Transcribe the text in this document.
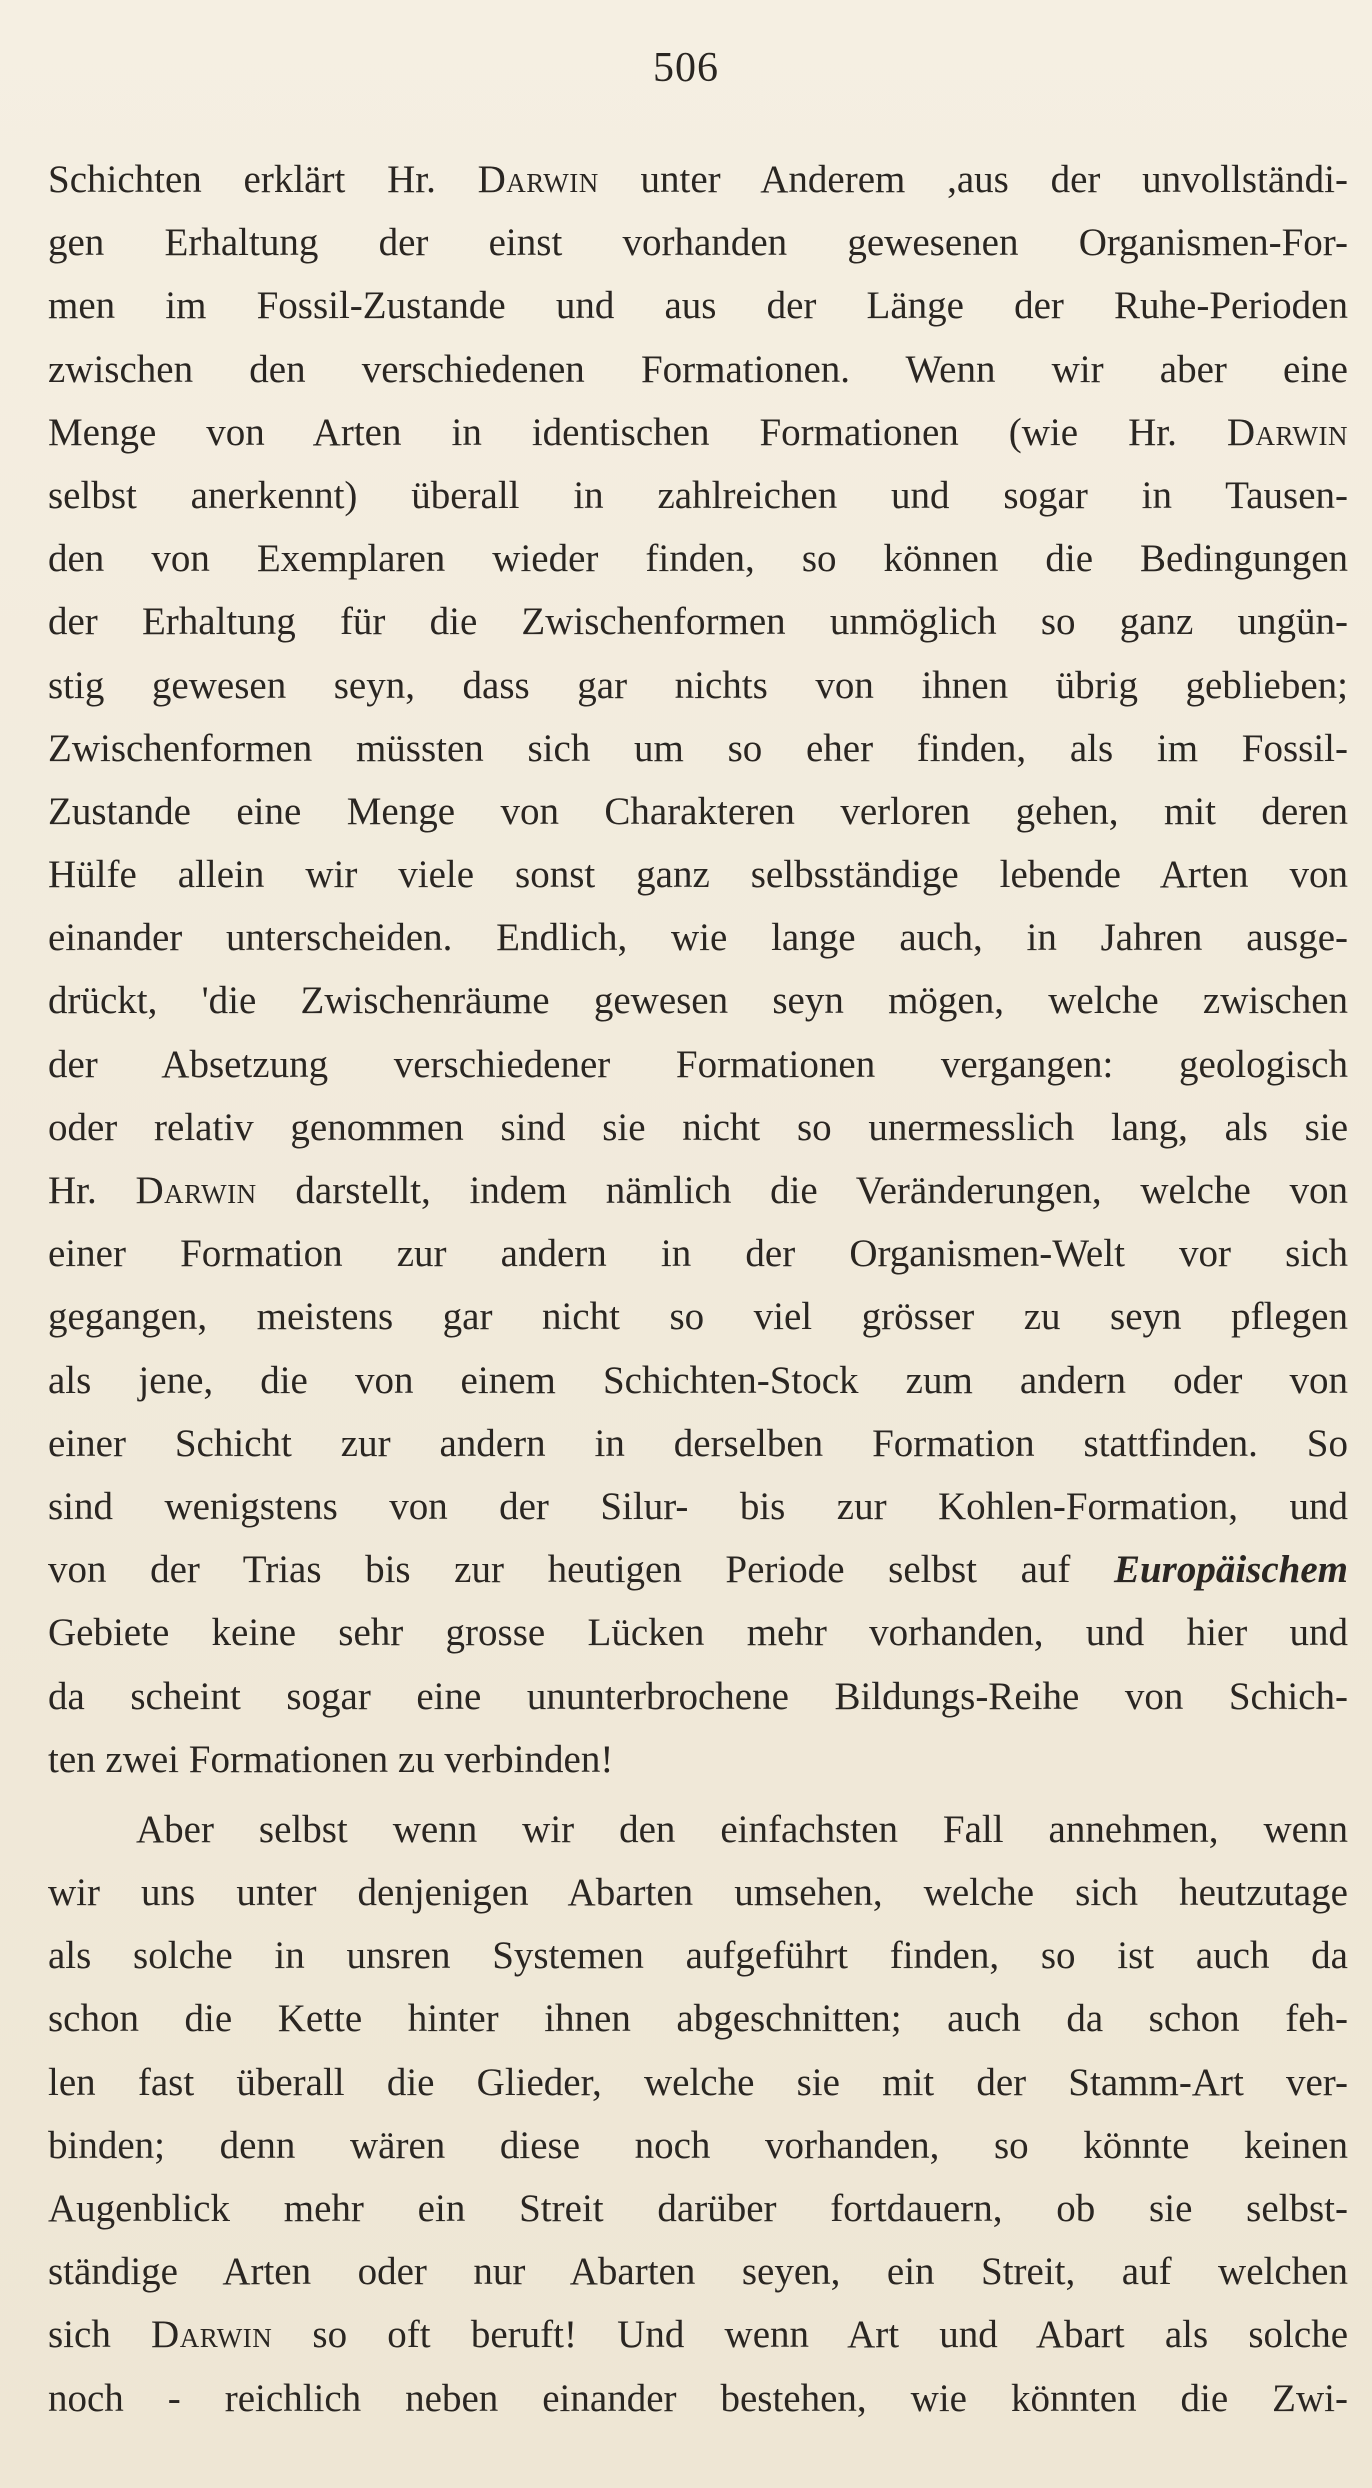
506
Schichten erklärt Hr. Darwin unter Anderem ,aus der unvollständi-
gen Erhaltung der einst vorhanden gewesenen Organismen-For-
men im Fossil-Zustande und aus der Länge der Ruhe-Perioden
zwischen den verschiedenen Formationen. Wenn wir aber eine
Menge von Arten in identischen Formationen (wie Hr. Darwin
selbst anerkennt) überall in zahlreichen und sogar in Tausen-
den von Exemplaren wieder finden, so können die Bedingungen
der Erhaltung für die Zwischenformen unmöglich so ganz ungün-
stig gewesen seyn, dass gar nichts von ihnen übrig geblieben;
Zwischenformen müssten sich um so eher finden, als im Fossil-
Zustande eine Menge von Charakteren verloren gehen, mit deren
Hülfe allein wir viele sonst ganz selbsständige lebende Arten von
einander unterscheiden. Endlich, wie lange auch, in Jahren ausge-
drückt, 'die Zwischenräume gewesen seyn mögen, welche zwischen
der Absetzung verschiedener Formationen vergangen: geologisch
oder relativ genommen sind sie nicht so unermesslich lang, als sie
Hr. Darwin darstellt, indem nämlich die Veränderungen, welche von
einer Formation zur andern in der Organismen-Welt vor sich
gegangen, meistens gar nicht so viel grösser zu seyn pflegen
als jene, die von einem Schichten-Stock zum andern oder von
einer Schicht zur andern in derselben Formation stattfinden. So
sind wenigstens von der Silur- bis zur Kohlen-Formation, und
von der Trias bis zur heutigen Periode selbst auf Europäischem
Gebiete keine sehr grosse Lücken mehr vorhanden, und hier und
da scheint sogar eine ununterbrochene Bildungs-Reihe von Schich-
ten zwei Formationen zu verbinden!
Aber selbst wenn wir den einfachsten Fall annehmen, wenn
wir uns unter denjenigen Abarten umsehen, welche sich heutzutage
als solche in unsren Systemen aufgeführt finden, so ist auch da
schon die Kette hinter ihnen abgeschnitten; auch da schon feh-
len fast überall die Glieder, welche sie mit der Stamm-Art ver-
binden; denn wären diese noch vorhanden, so könnte keinen
Augenblick mehr ein Streit darüber fortdauern, ob sie selbst-
ständige Arten oder nur Abarten seyen, ein Streit, auf welchen
sich Darwin so oft beruft! Und wenn Art und Abart als solche
noch - reichlich neben einander bestehen, wie könnten die Zwi-
